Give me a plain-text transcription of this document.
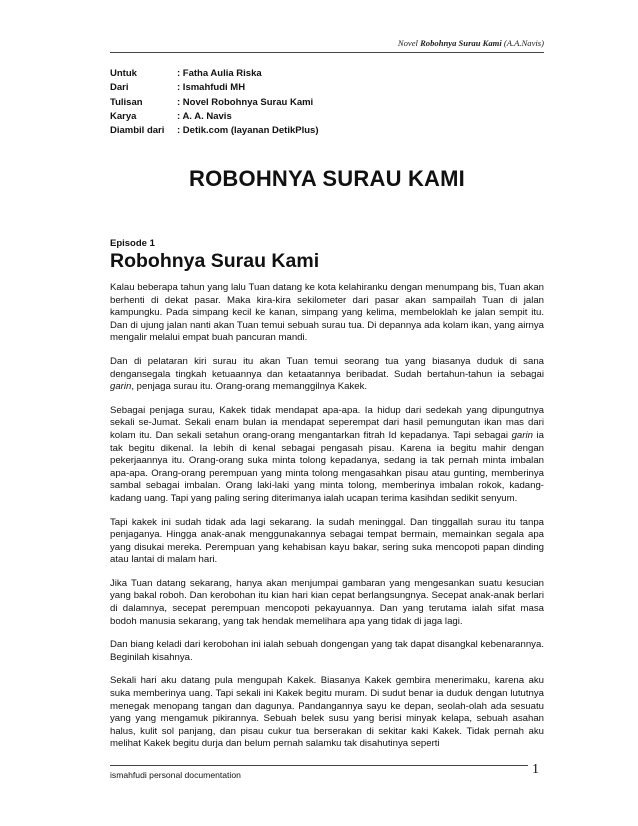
Novel Robohnya Surau Kami (A.A.Navis)
Untuk	: Fatha Aulia Riska
Dari	: Ismahfudi MH
Tulisan	: Novel Robohnya Surau Kami
Karya	: A. A. Navis
Diambil dari	: Detik.com (layanan DetikPlus)
ROBOHNYA SURAU KAMI
Episode 1
Robohnya Surau Kami

Kalau beberapa tahun yang lalu Tuan datang ke kota kelahiranku dengan menumpang bis, Tuan akan berhenti di dekat pasar. Maka kira-kira sekilometer dari pasar akan sampailah Tuan di jalan kampungku. Pada simpang kecil ke kanan, simpang yang kelima, membeloklah ke jalan sempit itu. Dan di ujung jalan nanti akan Tuan temui sebuah surau tua. Di depannya ada kolam ikan, yang airnya mengalir melalui empat buah pancuran mandi.

Dan di pelataran kiri surau itu akan Tuan temui seorang tua yang biasanya duduk di sana dengansegala tingkah ketuaannya dan ketaatannya beribadat. Sudah bertahun-tahun ia sebagai garin, penjaga surau itu. Orang-orang memanggilnya Kakek.

Sebagai penjaga surau, Kakek tidak mendapat apa-apa. Ia hidup dari sedekah yang dipungutnya sekali se-Jumat. Sekali enam bulan ia mendapat seperempat dari hasil pemungutan ikan mas dari kolam itu. Dan sekali setahun orang-orang mengantarkan fitrah Id kepadanya. Tapi sebagai garin ia tak begitu dikenal. Ia lebih di kenal sebagai pengasah pisau. Karena ia begitu mahir dengan pekerjaannya itu. Orang-orang suka minta tolong kepadanya, sedang ia tak pernah minta imbalan apa-apa. Orang-orang perempuan yang minta tolong mengasahkan pisau atau gunting, memberinya sambal sebagai imbalan. Orang laki-laki yang minta tolong, memberinya imbalan rokok, kadang-kadang uang. Tapi yang paling sering diterimanya ialah ucapan terima kasihdan sedikit senyum.

Tapi kakek ini sudah tidak ada lagi sekarang. Ia sudah meninggal. Dan tinggallah surau itu tanpa penjaganya. Hingga anak-anak menggunakannya sebagai tempat bermain, memainkan segala apa yang disukai mereka. Perempuan yang kehabisan kayu bakar, sering suka mencopoti papan dinding atau lantai di malam hari.

Jika Tuan datang sekarang, hanya akan menjumpai gambaran yang mengesankan suatu kesucian yang bakal roboh. Dan kerobohan itu kian hari kian cepat berlangsungnya. Secepat anak-anak berlari di dalamnya, secepat perempuan mencopoti pekayuannya. Dan yang terutama ialah sifat masa bodoh manusia sekarang, yang tak hendak memelihara apa yang tidak di jaga lagi.

Dan biang keladi dari kerobohan ini ialah sebuah dongengan yang tak dapat disangkal kebenarannya. Beginilah kisahnya.

Sekali hari aku datang pula mengupah Kakek. Biasanya Kakek gembira menerimaku, karena aku suka memberinya uang. Tapi sekali ini Kakek begitu muram. Di sudut benar ia duduk dengan lututnya menegak menopang tangan dan dagunya. Pandangannya sayu ke depan, seolah-olah ada sesuatu yang yang mengamuk pikirannya. Sebuah belek susu yang berisi minyak kelapa, sebuah asahan halus, kulit sol panjang, dan pisau cukur tua berserakan di sekitar kaki Kakek. Tidak pernah aku melihat Kakek begitu durja dan belum pernah salamku tak disahutinya seperti

ismahfudi personal documentation	1
